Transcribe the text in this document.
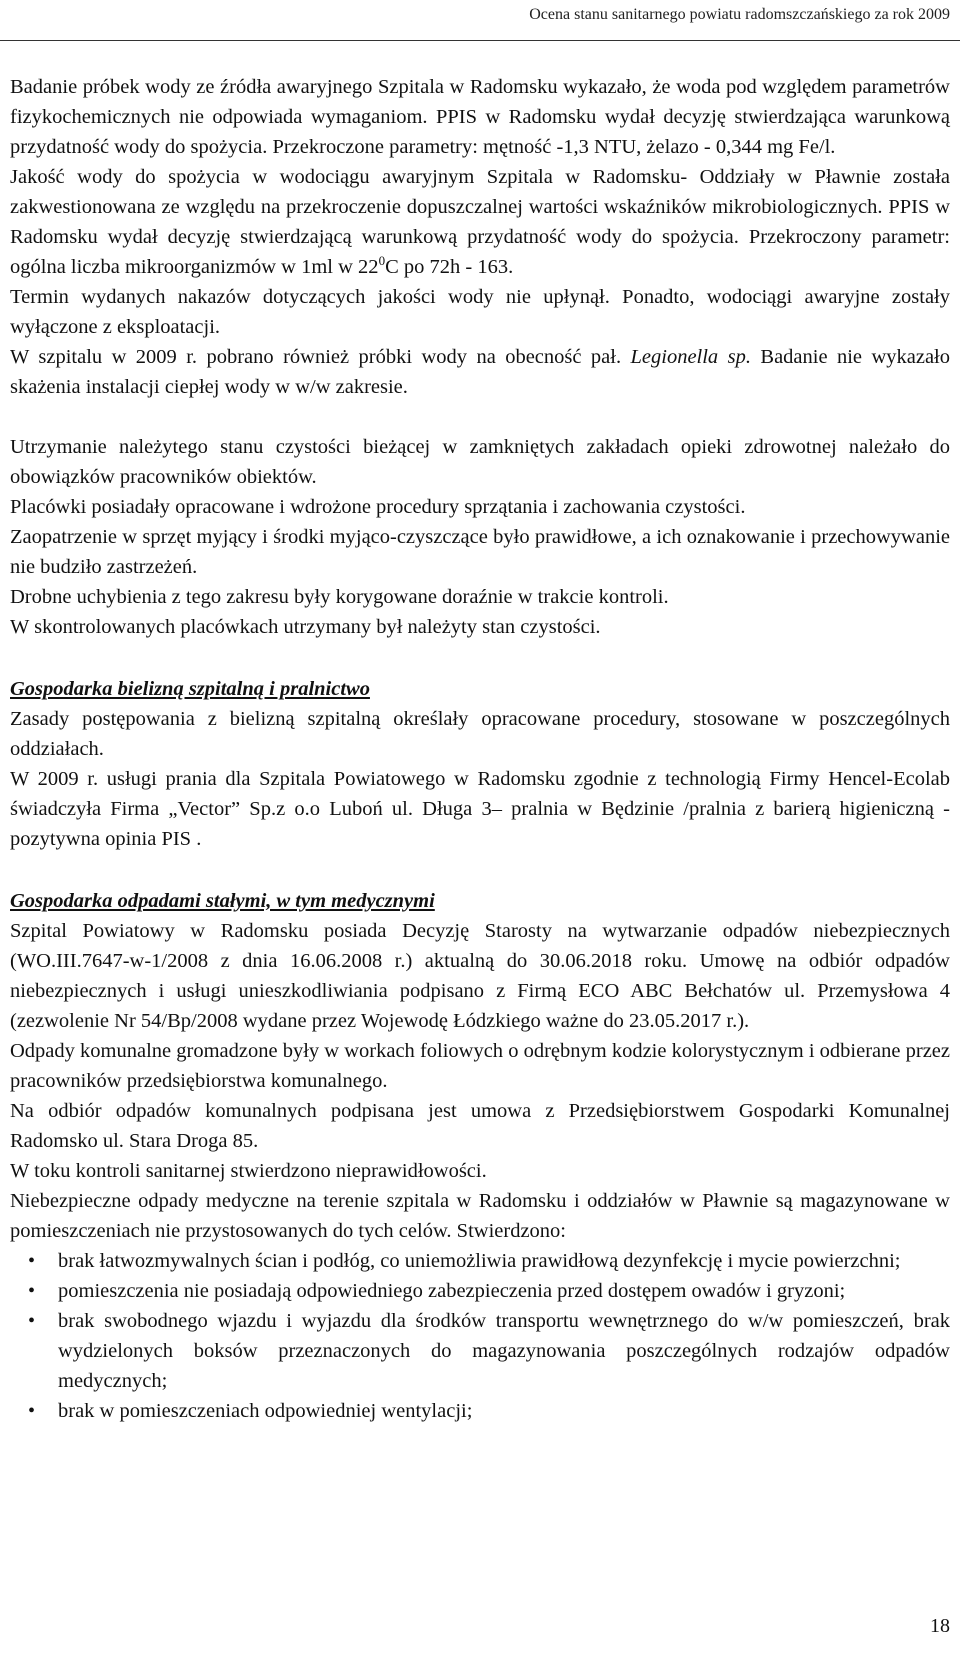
Ocena stanu sanitarnego powiatu radomszczańskiego za rok 2009

Badanie próbek wody ze źródła awaryjnego Szpitala w Radomsku wykazało, że woda pod względem parametrów fizykochemicznych nie odpowiada wymaganiom. PPIS w Radomsku wydał decyzję stwierdzająca warunkową przydatność wody do spożycia. Przekroczone parametry: mętność -1,3 NTU, żelazo - 0,344 mg Fe/l.

Jakość wody do spożycia w wodociągu awaryjnym Szpitala w Radomsku- Oddziały w Pławnie została zakwestionowana ze względu na przekroczenie dopuszczalnej wartości wskaźników mikrobiologicznych. PPIS w Radomsku wydał decyzję stwierdzającą warunkową przydatność wody do spożycia. Przekroczony parametr: ogólna liczba mikroorganizmów w 1ml w $22^0C$ po 72h - 163.

Termin wydanych nakazów dotyczących jakości wody nie upłynął. Ponadto, wodociągi awaryjne zostały wyłączone z eksploatacji.

W szpitalu w 2009 r. pobrano również próbki wody na obecność pał. Legionella sp. Badanie nie wykazało skażenia instalacji ciepłej wody w w/w zakresie.

Utrzymanie należytego stanu czystości bieżącej w zamkniętych zakładach opieki zdrowotnej należało do obowiązków pracowników obiektów.

Placówki posiadały opracowane i wdrożone procedury sprzątania i zachowania czystości.

Zaopatrzenie w sprzęt myjący i środki myjąco-czyszczące było prawidłowe, a ich oznakowanie i przechowywanie nie budziło zastrzeżeń.

Drobne uchybienia z tego zakresu były korygowane doraźnie w trakcie kontroli.

W skontrolowanych placówkach utrzymany był należyty stan czystości.

Gospodarka bielizną szpitalną i pralnictwo

Zasady postępowania z bielizną szpitalną określały opracowane procedury, stosowane w poszczególnych oddziałach.

W 2009 r. usługi prania dla Szpitala Powiatowego w Radomsku zgodnie z technologią Firmy Hencel-Ecolab świadczyła Firma „Vector” Sp.z o.o Luboń ul. Długa 3– pralnia w Będzinie /pralnia z barierą higieniczną - pozytywna opinia PIS .

Gospodarka odpadami stałymi, w tym medycznymi

Szpital Powiatowy w Radomsku posiada Decyzję Starosty na wytwarzanie odpadów niebezpiecznych (WO.III.7647-w-1/2008 z dnia 16.06.2008 r.) aktualną do 30.06.2018 roku. Umowę na odbiór odpadów niebezpiecznych i usługi unieszkodliwiania podpisano z Firmą ECO ABC Bełchatów ul. Przemysłowa 4 (zezwolenie Nr 54/Bp/2008 wydane przez Wojewodę Łódzkiego ważne do 23.05.2017 r.).

Odpady komunalne gromadzone były w workach foliowych o odrębnym kodzie kolorystycznym i odbierane przez pracowników przedsiębiorstwa komunalnego.

Na odbiór odpadów komunalnych podpisana jest umowa z Przedsiębiorstwem Gospodarki Komunalnej Radomsko ul. Stara Droga 85.

W toku kontroli sanitarnej stwierdzono nieprawidłowości.

Niebezpieczne odpady medyczne na terenie szpitala w Radomsku i oddziałów w Pławnie są magazynowane w pomieszczeniach nie przystosowanych do tych celów. Stwierdzono:

• brak łatwozmywalnych ścian i podłóg, co uniemożliwia prawidłową dezynfekcję i mycie powierzchni;
• pomieszczenia nie posiadają odpowiedniego zabezpieczenia przed dostępem owadów i gryzoni;
• brak swobodnego wjazdu i wyjazdu dla środków transportu wewnętrznego do w/w pomieszczeń, brak wydzielonych boksów przeznaczonych do magazynowania poszczególnych rodzajów odpadów medycznych;
• brak w pomieszczeniach odpowiedniej wentylacji;
18
